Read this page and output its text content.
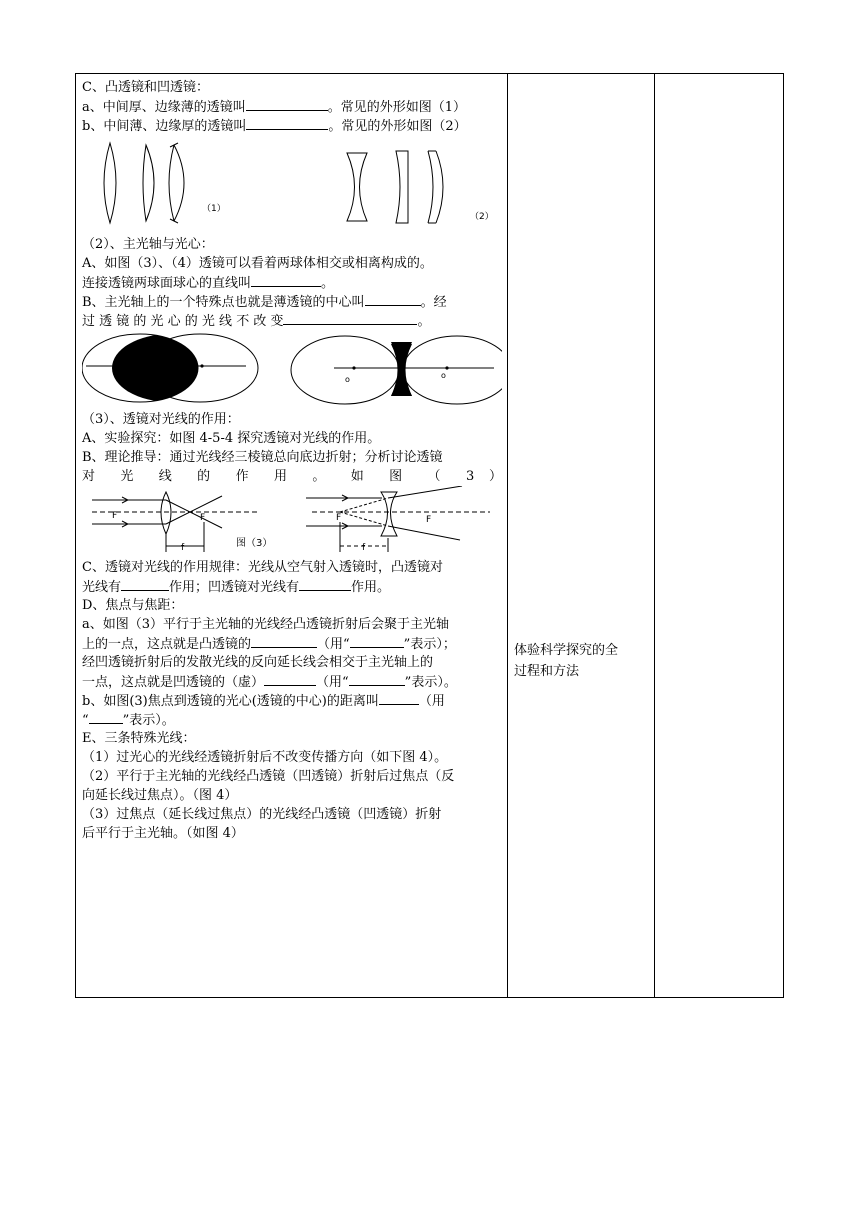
C、凸透镜和凹透镜：
a、中间厚、边缘薄的透镜叫	。常见的外形如图（1）
b、中间薄、边缘厚的透镜叫	。常见的外形如图（2）
（1）
（2）
（2）、主光轴与光心：
A、如图（3）、（4）透镜可以看着两球体相交或相离构成的。
连接透镜两球面球心的直线叫	。
B、主光轴上的一个特殊点也就是薄透镜的中心叫	。经
过 透 镜 的 光 心 的 光 线 不 改 变	。
o	o
o	o
（3）、透镜对光线的作用：
A、实验探究：如图 4-5-4 探究透镜对光线的作用。
B、理论推导：通过光线经三棱镜总向底边折射；分析讨论透镜
对 光 线 的 作 用 。 如 图 （ 3 ）
F	F
f
F	F
f
图（3）
C、透镜对光线的作用规律：光线从空气射入透镜时，凸透镜对
光线有	作用；凹透镜对光线有	作用。
D、焦点与焦距：
a、如图（3）平行于主光轴的光线经凸透镜折射后会聚于主光轴
上的一点，这点就是凸透镜的	（用“	”表示）；
经凹透镜折射后的发散光线的反向延长线会相交于主光轴上的
一点，这点就是凹透镜的（虚）	（用“	”表示）。
b、如图(3)焦点到透镜的光心(透镜的中心)的距离叫	（用
“	”表示）。
E、三条特殊光线：
（1）过光心的光线经透镜折射后不改变传播方向（如下图 4）。
（2）平行于主光轴的光线经凸透镜（凹透镜）折射后过焦点（反
向延长线过焦点）。（图 4）
（3）过焦点（延长线过焦点）的光线经凸透镜（凹透镜）折射
后平行于主光轴。（如图 4）
体验科学探究的全
过程和方法
